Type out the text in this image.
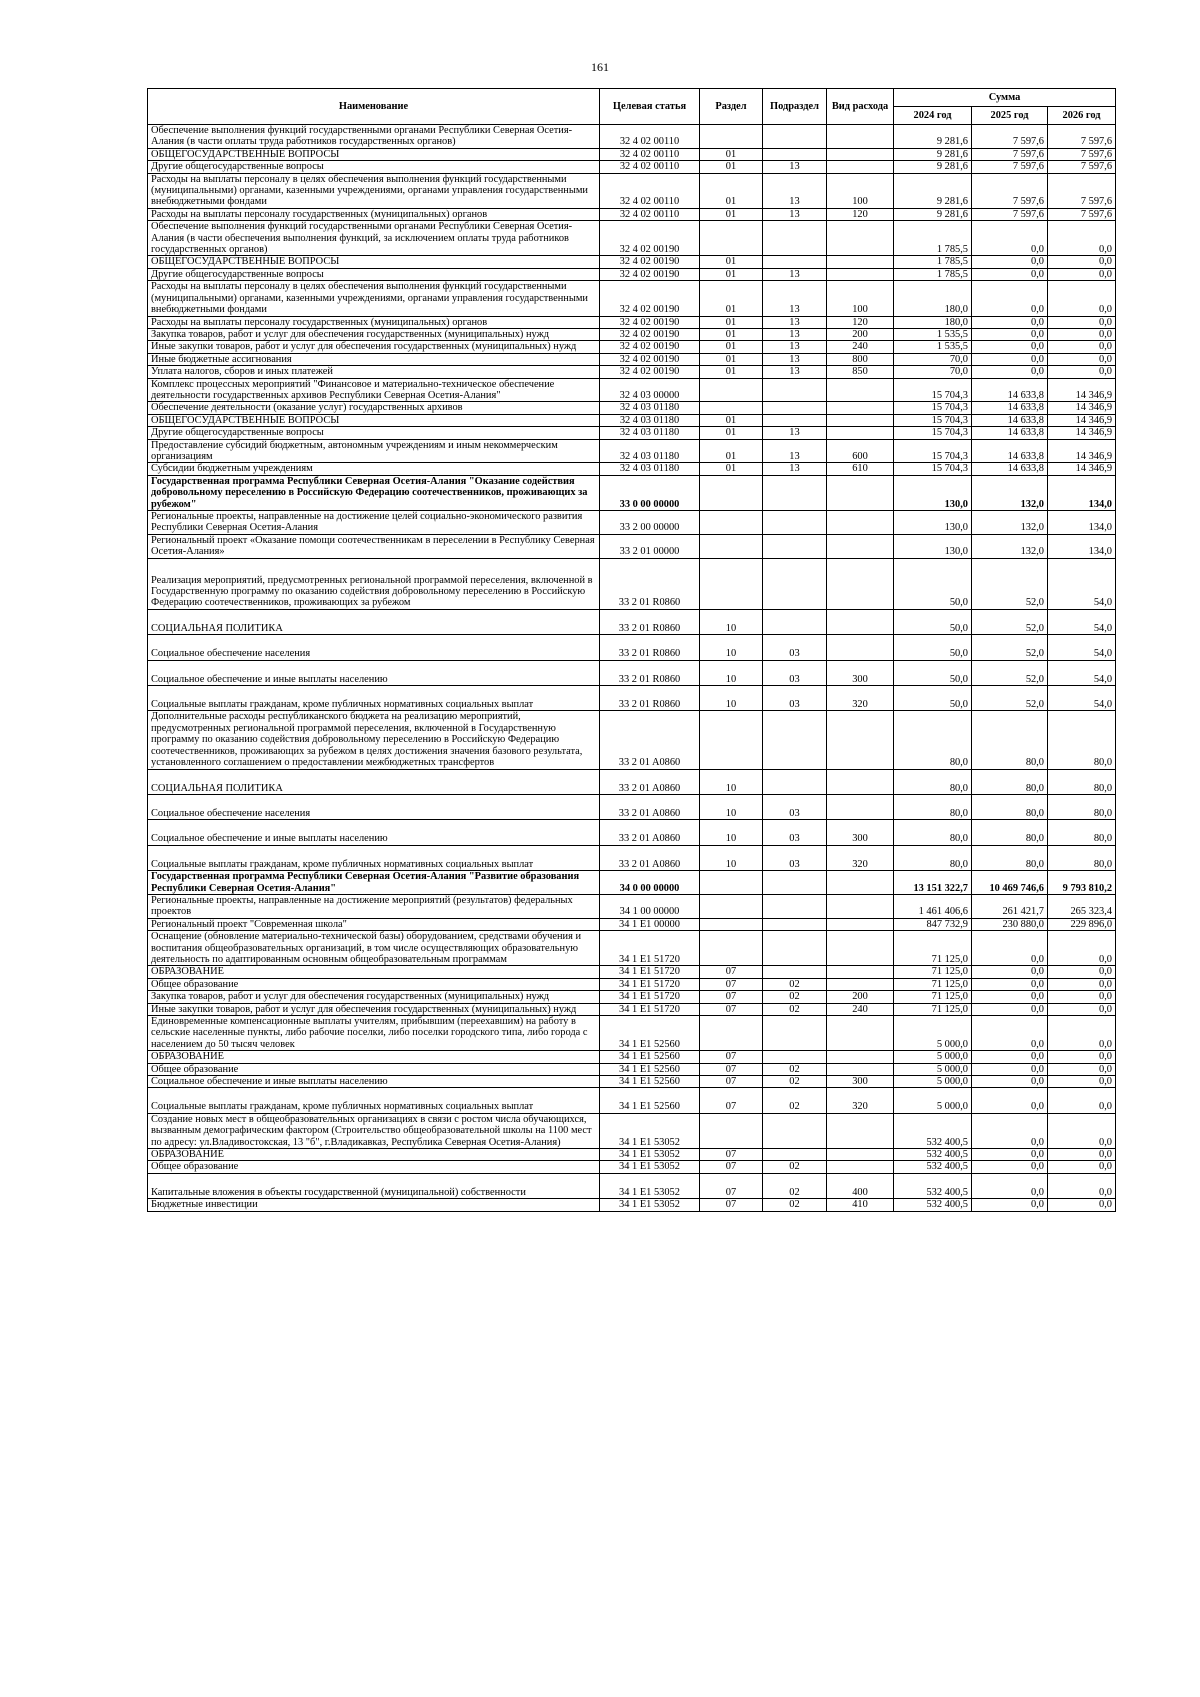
161
Наименование	Целевая статья	Раздел	Подраздел	Вид расхода	Сумма		
					2024 год	2025 год	2026 год
Обеспечение выполнения функций государственными органами Республики Северная Осетия-Алания (в части оплаты труда работников государственных органов)	32 4 02 00110				9 281,6	7 597,6	7 597,6
ОБЩЕГОСУДАРСТВЕННЫЕ ВОПРОСЫ	32 4 02 00110	01			9 281,6	7 597,6	7 597,6
Другие общегосударственные вопросы	32 4 02 00110	01	13		9 281,6	7 597,6	7 597,6
Расходы на выплаты персоналу в целях обеспечения выполнения функций государственными (муниципальными) органами, казенными учреждениями, органами управления государственными внебюджетными фондами	32 4 02 00110	01	13	100	9 281,6	7 597,6	7 597,6
Расходы на выплаты персоналу государственных (муниципальных) органов	32 4 02 00110	01	13	120	9 281,6	7 597,6	7 597,6
Обеспечение выполнения функций государственными органами Республики Северная Осетия-Алания (в части обеспечения выполнения функций, за исключением оплаты труда работников государственных органов)	32 4 02 00190				1 785,5	0,0	0,0
ОБЩЕГОСУДАРСТВЕННЫЕ ВОПРОСЫ	32 4 02 00190	01			1 785,5	0,0	0,0
Другие общегосударственные вопросы	32 4 02 00190	01	13		1 785,5	0,0	0,0
Расходы на выплаты персоналу в целях обеспечения выполнения функций государственными (муниципальными) органами, казенными учреждениями, органами управления государственными внебюджетными фондами	32 4 02 00190	01	13	100	180,0	0,0	0,0
Расходы на выплаты персоналу государственных (муниципальных) органов	32 4 02 00190	01	13	120	180,0	0,0	0,0
Закупка товаров, работ и услуг для обеспечения государственных (муниципальных) нужд	32 4 02 00190	01	13	200	1 535,5	0,0	0,0
Иные закупки товаров, работ и услуг для обеспечения государственных (муниципальных) нужд	32 4 02 00190	01	13	240	1 535,5	0,0	0,0
Иные бюджетные ассигнования	32 4 02 00190	01	13	800	70,0	0,0	0,0
Уплата налогов, сборов и иных платежей	32 4 02 00190	01	13	850	70,0	0,0	0,0
Комплекс процессных мероприятий "Финансовое и материально-техническое обеспечение деятельности государственных архивов Республики Северная Осетия-Алания"	32 4 03 00000				15 704,3	14 633,8	14 346,9
Обеспечение деятельности (оказание услуг) государственных архивов	32 4 03 01180				15 704,3	14 633,8	14 346,9
ОБЩЕГОСУДАРСТВЕННЫЕ ВОПРОСЫ	32 4 03 01180	01			15 704,3	14 633,8	14 346,9
Другие общегосударственные вопросы	32 4 03 01180	01	13		15 704,3	14 633,8	14 346,9
Предоставление субсидий бюджетным, автономным учреждениям и иным некоммерческим организациям	32 4 03 01180	01	13	600	15 704,3	14 633,8	14 346,9
Субсидии бюджетным учреждениям	32 4 03 01180	01	13	610	15 704,3	14 633,8	14 346,9
Государственная программа Республики Северная Осетия-Алания "Оказание содействия добровольному переселению в Российскую Федерацию соотечественников, проживающих за рубежом"	33 0 00 00000				130,0	132,0	134,0
Региональные проекты, направленные на достижение целей социально-экономического развития Республики Северная Осетия-Алания	33 2 00 00000				130,0	132,0	134,0
Региональный проект «Оказание помощи соотечественникам в переселении в Республику Северная Осетия-Алания»	33 2 01 00000				130,0	132,0	134,0
Реализация мероприятий, предусмотренных региональной программой переселения, включенной в Государственную программу по оказанию содействия добровольному переселению в Российскую Федерацию соотечественников, проживающих за рубежом	33 2 01 R0860				50,0	52,0	54,0
СОЦИАЛЬНАЯ ПОЛИТИКА	33 2 01 R0860	10			50,0	52,0	54,0
Социальное обеспечение населения	33 2 01 R0860	10	03		50,0	52,0	54,0
Социальное обеспечение и иные выплаты населению	33 2 01 R0860	10	03	300	50,0	52,0	54,0
Социальные выплаты гражданам, кроме публичных нормативных социальных выплат	33 2 01 R0860	10	03	320	50,0	52,0	54,0
Дополнительные расходы республиканского бюджета на реализацию мероприятий, предусмотренных региональной программой переселения, включенной в Государственную программу по оказанию содействия добровольному переселению в Российскую Федерацию соотечественников, проживающих за рубежом в целях достижения значения базового результата, установленного соглашением о предоставлении межбюджетных трансфертов	33 2 01 A0860				80,0	80,0	80,0
СОЦИАЛЬНАЯ ПОЛИТИКА	33 2 01 A0860	10			80,0	80,0	80,0
Социальное обеспечение населения	33 2 01 A0860	10	03		80,0	80,0	80,0
Социальное обеспечение и иные выплаты населению	33 2 01 A0860	10	03	300	80,0	80,0	80,0
Социальные выплаты гражданам, кроме публичных нормативных социальных выплат	33 2 01 A0860	10	03	320	80,0	80,0	80,0
Государственная программа Республики Северная Осетия-Алания "Развитие образования Республики Северная Осетия-Алания"	34 0 00 00000				13 151 322,7	10 469 746,6	9 793 810,2
Региональные проекты, направленные на достижение мероприятий (результатов) федеральных проектов	34 1 00 00000				1 461 406,6	261 421,7	265 323,4
Региональный проект "Современная школа"	34 1 E1 00000				847 732,9	230 880,0	229 896,0
Оснащение (обновление материально-технической базы) оборудованием, средствами обучения и воспитания общеобразовательных организаций, в том числе осуществляющих образовательную деятельность по адаптированным основным общеобразовательным программам	34 1 E1 51720				71 125,0	0,0	0,0
ОБРАЗОВАНИЕ	34 1 E1 51720	07			71 125,0	0,0	0,0
Общее образование	34 1 E1 51720	07	02		71 125,0	0,0	0,0
Закупка товаров, работ и услуг для обеспечения государственных (муниципальных) нужд	34 1 E1 51720	07	02	200	71 125,0	0,0	0,0
Иные закупки товаров, работ и услуг для обеспечения государственных (муниципальных) нужд	34 1 E1 51720	07	02	240	71 125,0	0,0	0,0
Единовременные компенсационные выплаты учителям, прибывшим (переехавшим) на работу в сельские населенные пункты, либо рабочие поселки, либо поселки городского типа, либо города с населением до 50 тысяч человек	34 1 E1 52560				5 000,0	0,0	0,0
ОБРАЗОВАНИЕ	34 1 E1 52560	07			5 000,0	0,0	0,0
Общее образование	34 1 E1 52560	07	02		5 000,0	0,0	0,0
Социальное обеспечение и иные выплаты населению	34 1 E1 52560	07	02	300	5 000,0	0,0	0,0
Социальные выплаты гражданам, кроме публичных нормативных социальных выплат	34 1 E1 52560	07	02	320	5 000,0	0,0	0,0
Создание новых мест в общеобразовательных организациях в связи с ростом числа обучающихся, вызванным демографическим фактором (Строительство общеобразовательной школы на 1100 мест по адресу: ул.Владивостокская, 13 "б", г.Владикавказ, Республика Северная Осетия-Алания)	34 1 E1 53052				532 400,5	0,0	0,0
ОБРАЗОВАНИЕ	34 1 E1 53052	07			532 400,5	0,0	0,0
Общее образование	34 1 E1 53052	07	02		532 400,5	0,0	0,0
Капитальные вложения в объекты государственной (муниципальной) собственности	34 1 E1 53052	07	02	400	532 400,5	0,0	0,0
Бюджетные инвестиции	34 1 E1 53052	07	02	410	532 400,5	0,0	0,0
